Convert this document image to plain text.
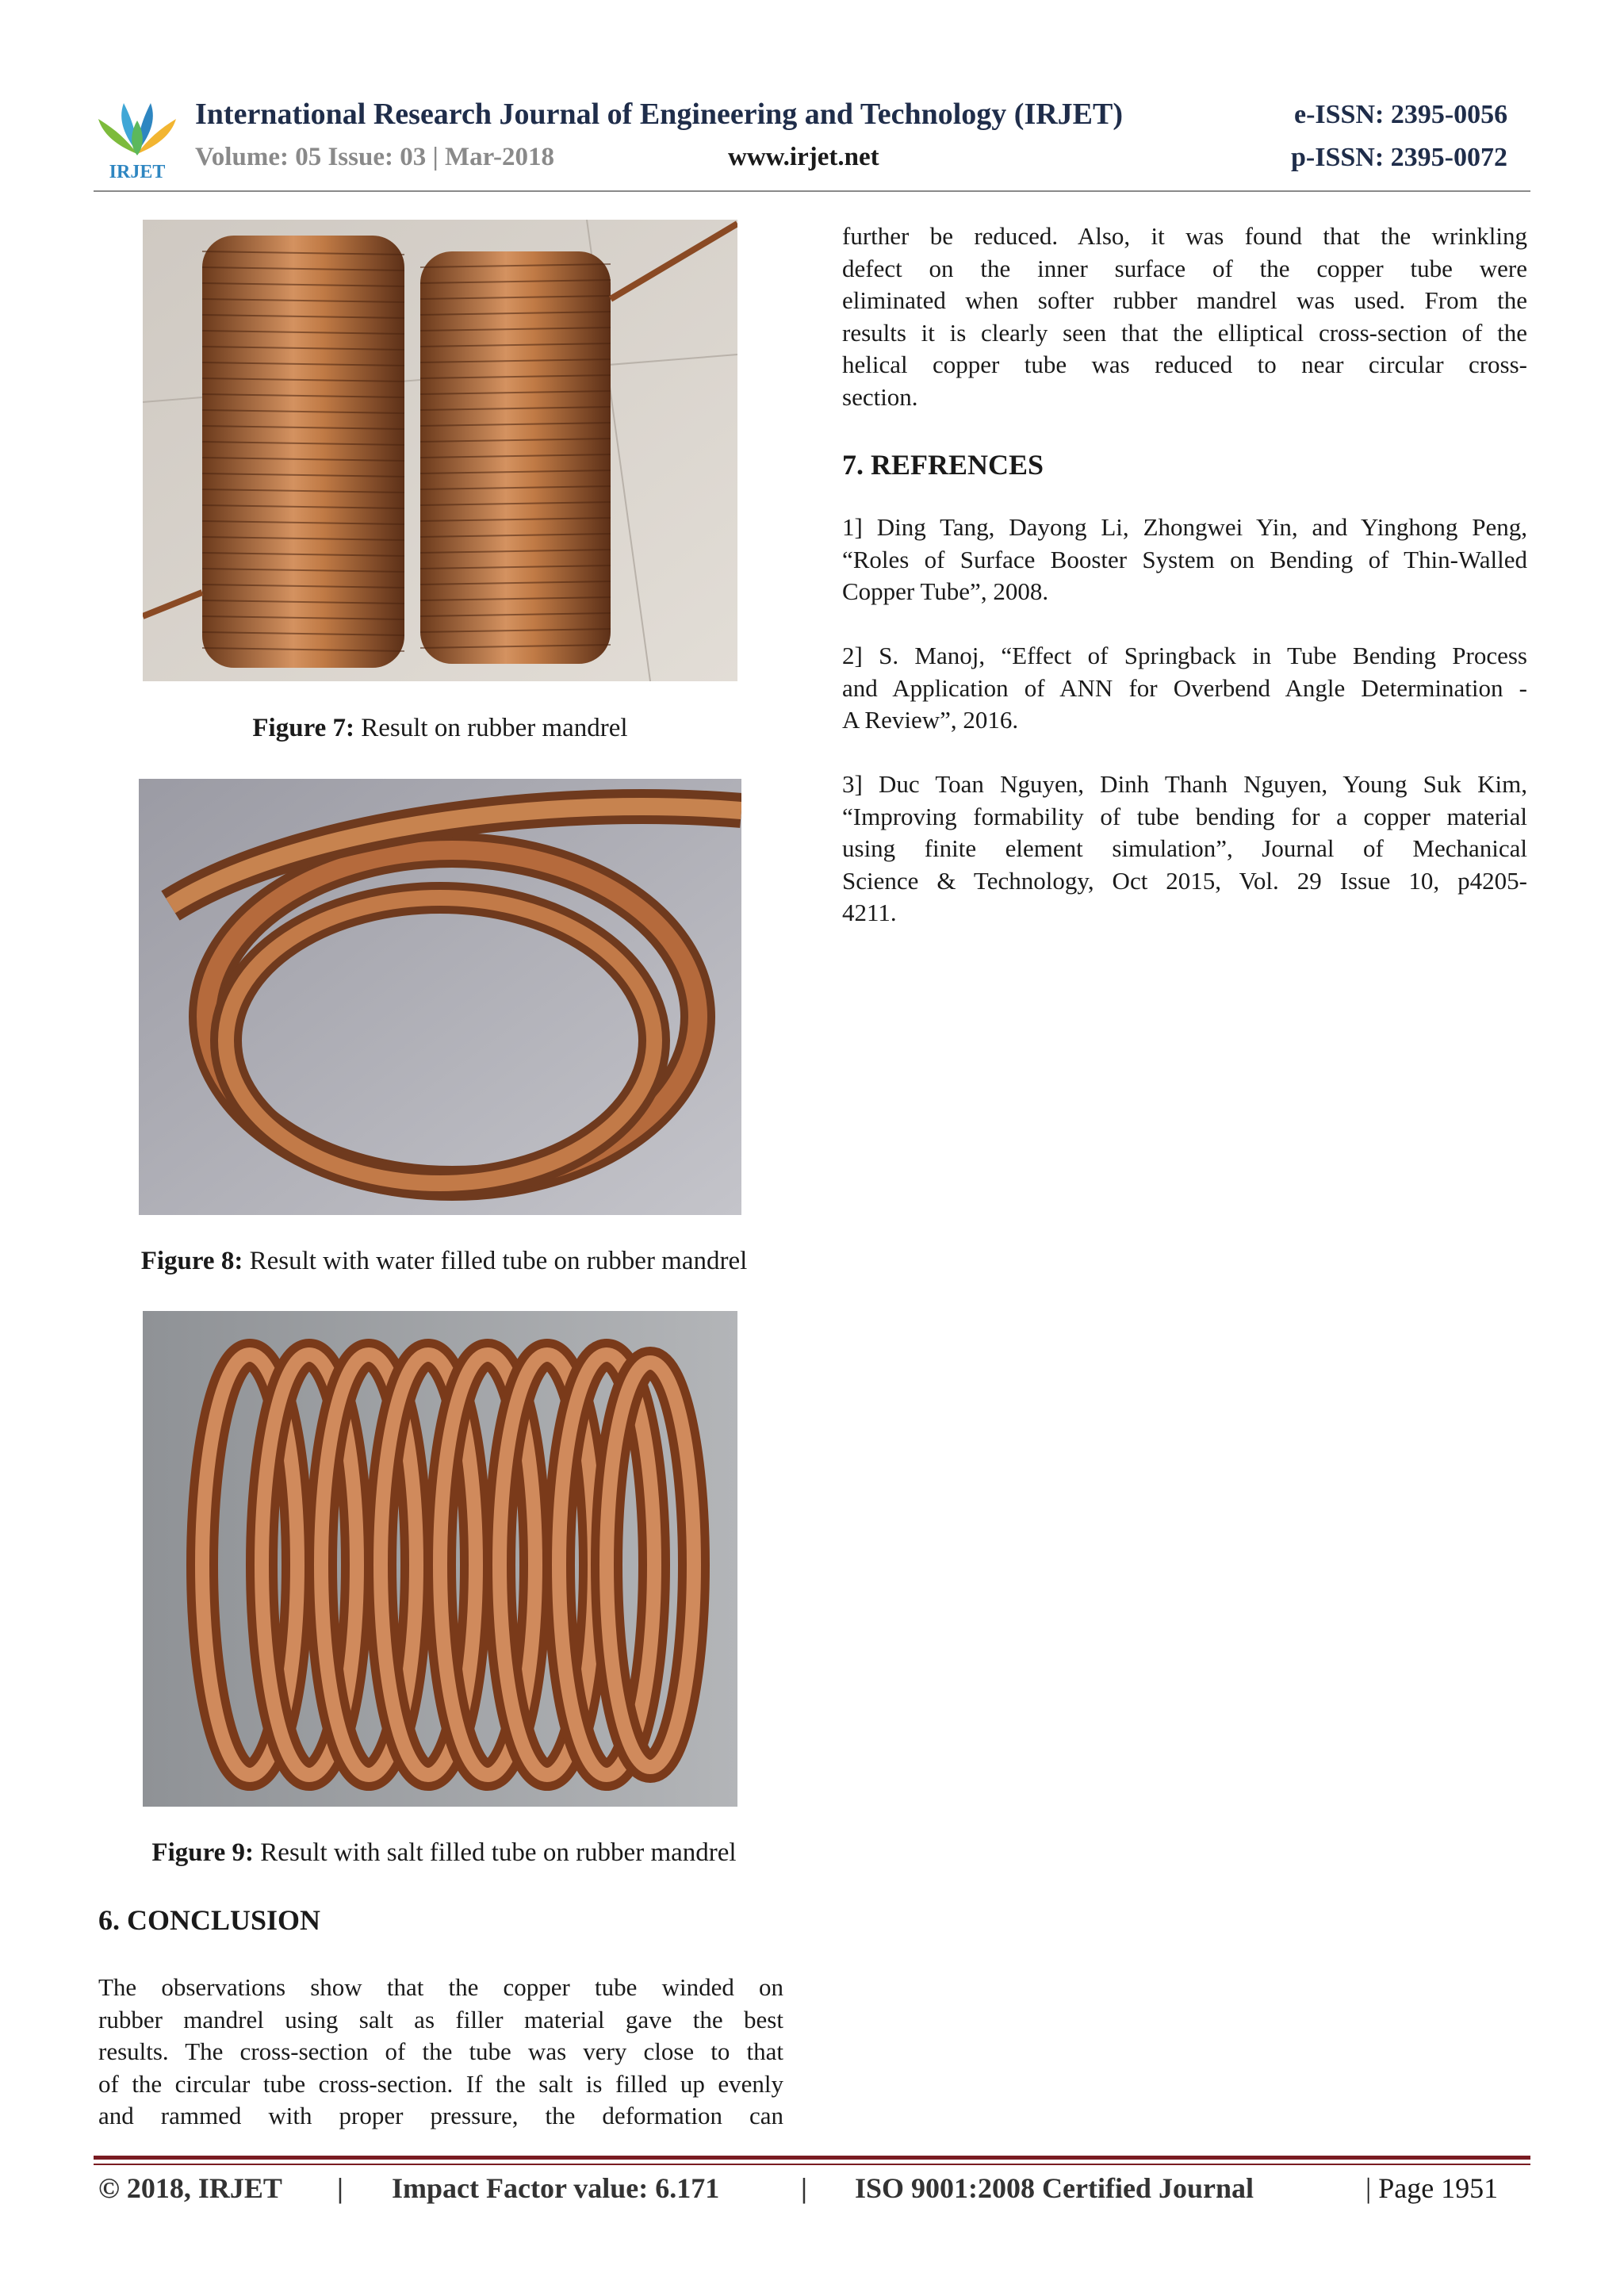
IRJET
International Research Journal of Engineering and Technology (IRJET)	e-ISSN: 2395-0056
Volume: 05 Issue: 03 | Mar-2018	www.irjet.net	p-ISSN: 2395-0072
Figure 7: Result on rubber mandrel
Figure 8: Result with water filled tube on rubber mandrel
Figure 9: Result with salt filled tube on rubber mandrel
6. CONCLUSION
The observations show that the copper tube winded on
rubber mandrel using salt as filler material gave the best
results. The cross-section of the tube was very close to that
of the circular tube cross-section. If the salt is filled up evenly
and rammed with proper pressure, the deformation can
further be reduced. Also, it was found that the wrinkling
defect on the inner surface of the copper tube were
eliminated when softer rubber mandrel was used. From the
results it is clearly seen that the elliptical cross-section of the
helical copper tube was reduced to near circular cross-
section.
7. REFRENCES
1] Ding Tang, Dayong Li, Zhongwei Yin, and Yinghong Peng,
“Roles of Surface Booster System on Bending of Thin-Walled
Copper Tube”, 2008.
2] S. Manoj, “Effect of Springback in Tube Bending Process
and Application of ANN for Overbend Angle Determination -
A Review”, 2016.
3] Duc Toan Nguyen, Dinh Thanh Nguyen, Young Suk Kim,
“Improving formability of tube bending for a copper material
using finite element simulation”, Journal of Mechanical
Science & Technology, Oct 2015, Vol. 29 Issue 10, p4205-
4211.
© 2018, IRJET | Impact Factor value: 6.171	| ISO 9001:2008 Certified Journal	| Page 1951
